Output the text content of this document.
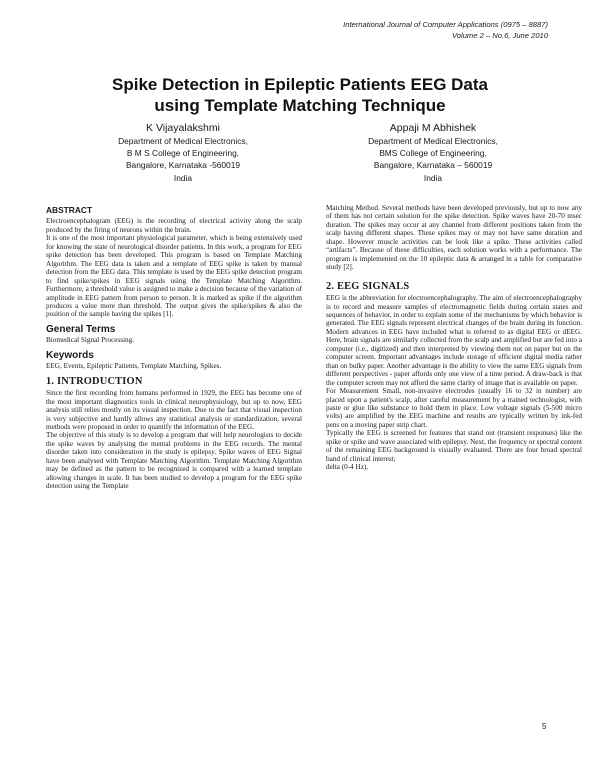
International Journal of Computer Applications (0975 – 8887)
Volume 2 – No.6, June 2010
Spike Detection in Epileptic Patients EEG Data
using Template Matching Technique
K Vijayalakshmi
Department of Medical Electronics,
B M S College of Engineering,
Bangalore, Karnataka -560019
India
Appaji M Abhishek
Department of Medical Electronics,
BMS College of Engineering,
Bangalore, Karnataka – 560019
India
ABSTRACT

Electroencephalogram (EEG) is the recording of electrical activity along the scalp produced by the firing of neurons within the brain.

It is one of the most important physiological parameter, which is being extensively used for knowing the state of neurological disorder patients. In this work, a program for EEG spike detection has been developed. This program is based on Template Matching Algorithm. The EEG data is taken and a template of EEG spike is taken by manual detection from the EEG data. This template is used by the EEG spike detection program to find spike/spikes in EEG signals using the Template Matching Algorithm. Furthermore, a threshold value is assigned to make a decision because of the variation of amplitude in EEG pattern from person to person. It is marked as spike if the algorithm produces a value more than threshold. The output gives the spike/spikes & also the position of the sample having the spikes [1].

General Terms

Biomedical Signal Processing.

Keywords

EEG, Events, Epileptic Patients, Template Matching, Spikes.

1. INTRODUCTION

Since the first recording from humans performed in 1929, the EEG has become one of the most important diagnostics tools in clinical neurophysiology, but up to now, EEG analysis still relies mostly on its visual inspection. Due to the fact that visual inspection is very subjective and hardly allows any statistical analysis or standardization, several methods were proposed in order to quantify the information of the EEG.

The objective of this study is to develop a program that will help neurologists to decide the spike waves by analysing the mental problems in the EEG records. The mental disorder taken into consideration in the study is epilepsy. Spike waves of EEG Signal have been analysed with Template Matching Algorithm. Template Matching Algorithm may be defined as the pattern to be recognized is compared with a learned template allowing changes in scale. It has been studied to develop a program for the EEG spike detection using the Template

Matching Method. Several methods have been developed previously, but up to now any of them has not certain solution for the spike detection. Spike waves have 20-70 msec duration. The spikes may occur at any channel from different positions taken from the scalp having different shapes. These spikes may or may not have same duration and shape. However muscle activities can be look like a spike. These activities called “artifacts”. Because of these difficulties, each solution works with a performance. The program is implemented on the 10 epileptic data & arranged in a table for comparative study [2].

2. EEG SIGNALS

EEG is the abbreviation for electroencephalography. The aim of electroencephalography is to record and measure samples of electromagnetic fields during certain states and sequences of behavior, in order to explain some of the mechanisms by which behavior is generated. The EEG signals represent electrical changes of the brain during its function. Modern advances in EEG have included what is referred to as digital EEG or dEEG. Here, brain signals are similarly collected from the scalp and amplified but are fed into a computer (i.e., digitized) and then interpreted by viewing them not on paper but on the computer screen. Important advantages include storage of efficient digital media rather than on bulky paper. Another advantage is the ability to view the same EEG signals from different perspectives - paper affords only one view of a time period. A draw-back is that the computer screen may not afford the same clarity of image that is available on paper.

For Measurement Small, non-invasive electrodes (usually 16 to 32 in number) are placed upon a patient's scalp, after careful measurement by a trained technologist, with paste or glue like substance to hold them in place. Low voltage signals (5-500 micro volts) are amplified by the EEG machine and results are typically written by ink-fed pens on a moving paper strip chart.

Typically the EEG is screened for features that stand out (transient responses) like the spike or spike and wave associated with epilepsy. Next, the frequency or spectral content of the remaining EEG background is visually evaluated. There are four broad spectral band of clinical interest;

delta (0-4 Hz),

5
